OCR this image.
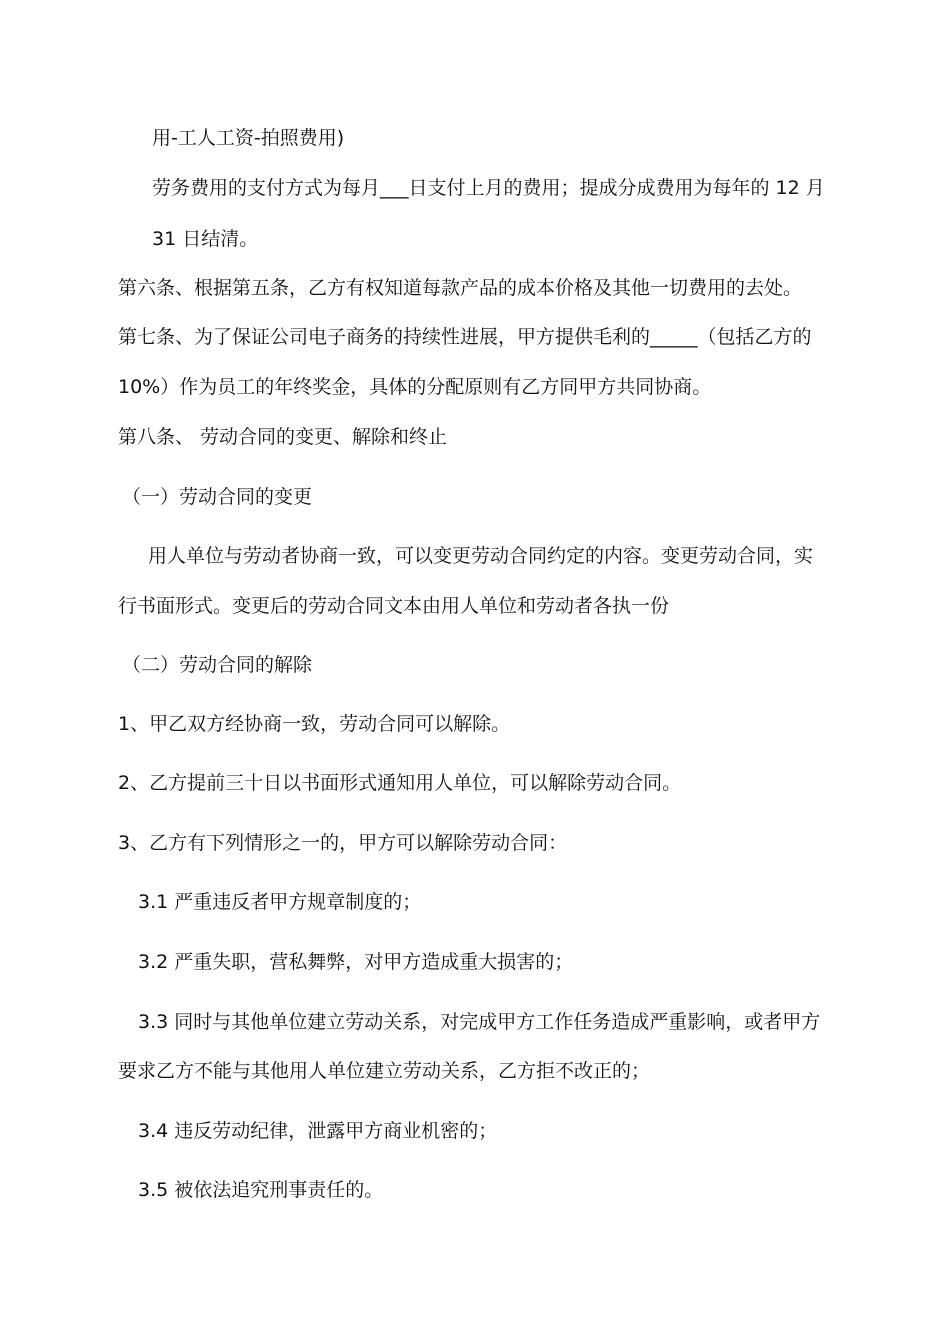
用-工人工资-拍照费用)
劳务费用的支付方式为每月___日支付上月的费用；提成分成费用为每年的 12 月
31 日结清。
第六条、根据第五条，乙方有权知道每款产品的成本价格及其他一切费用的去处。
第七条、为了保证公司电子商务的持续性进展，甲方提供毛利的_____（包括乙方的
10%）作为员工的年终奖金，具体的分配原则有乙方同甲方共同协商。
第八条、 劳动合同的变更、解除和终止
（一）劳动合同的变更
用人单位与劳动者协商一致，可以变更劳动合同约定的内容。变更劳动合同，实
行书面形式。变更后的劳动合同文本由用人单位和劳动者各执一份
（二）劳动合同的解除
1、甲乙双方经协商一致，劳动合同可以解除。
2、乙方提前三十日以书面形式通知用人单位，可以解除劳动合同。
3、乙方有下列情形之一的，甲方可以解除劳动合同：
3.1 严重违反者甲方规章制度的；
3.2 严重失职，营私舞弊，对甲方造成重大损害的；
3.3 同时与其他单位建立劳动关系，对完成甲方工作任务造成严重影响，或者甲方
要求乙方不能与其他用人单位建立劳动关系，乙方拒不改正的；
3.4 违反劳动纪律，泄露甲方商业机密的；
3.5 被依法追究刑事责任的。
